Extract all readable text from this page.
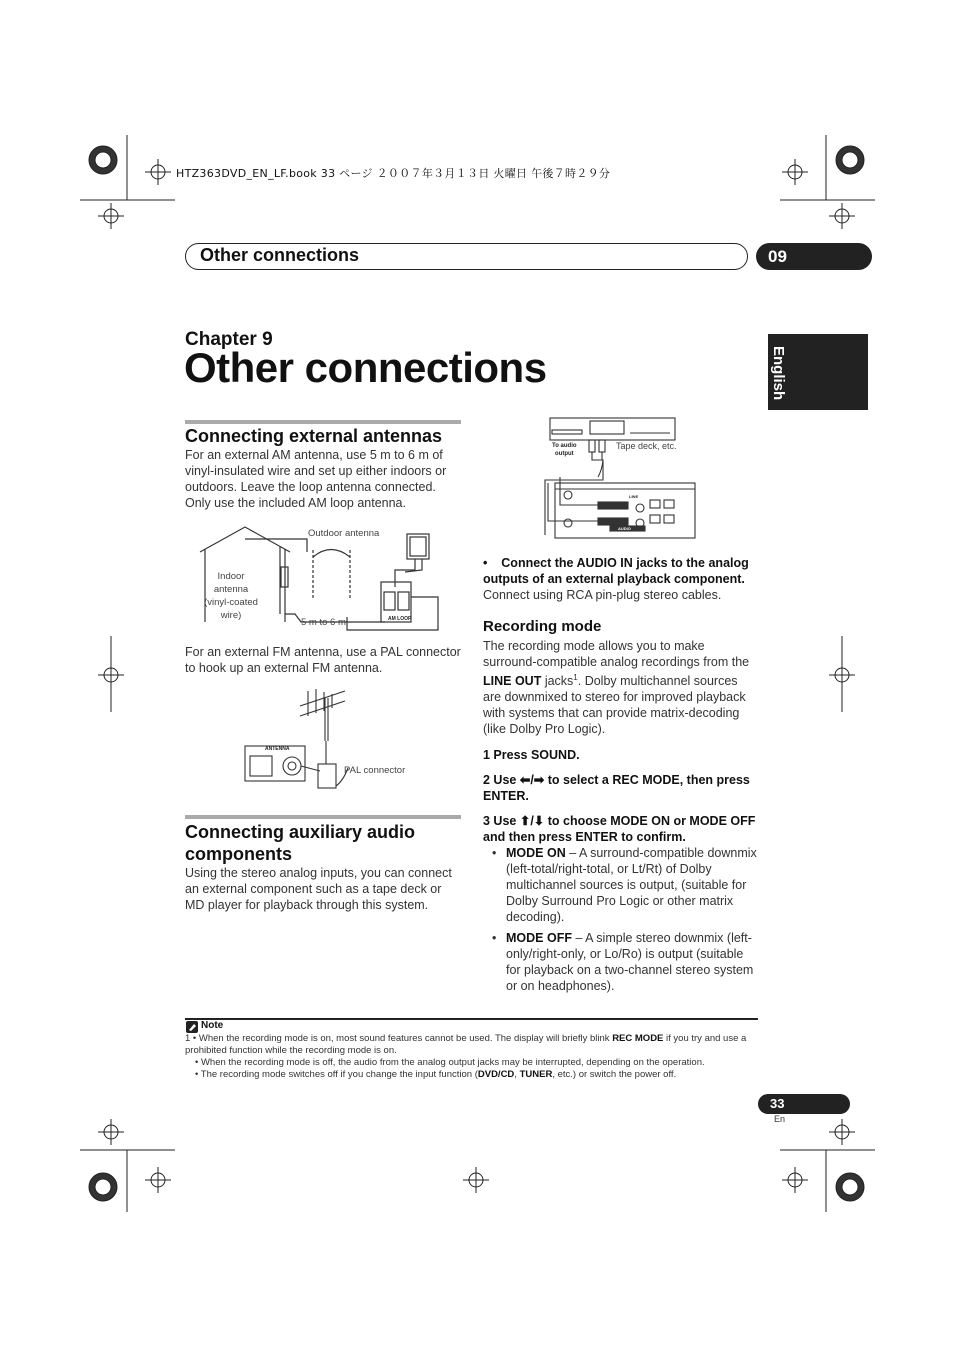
HTZ363DVD_EN_LF.book 33 ページ ２００７年３月１３日 火曜日 午後７時２９分
Other connections	09
English
Chapter 9
Other connections
Connecting external antennas
For an external AM antenna, use 5 m to 6 m of vinyl-insulated wire and set up either indoors or outdoors. Leave the loop antenna connected. Only use the included AM loop antenna.
Outdoor antenna
5 m to 6 m	AM LOOP
Indoor
antenna
(vinyl-coated
wire)
For an external FM antenna, use a PAL connector to hook up an external FM antenna.
ANTENNA
PAL connector
Connecting auxiliary audio components
Using the stereo analog inputs, you can connect an external component such as a tape deck or MD player for playback through this system.
To audio
output
Tape deck, etc.
LINE
AUDIO
•    Connect the AUDIO IN jacks to the analog outputs of an external playback component.
Connect using RCA pin-plug stereo cables.
Recording mode
The recording mode allows you to make surround-compatible analog recordings from the LINE OUT jacks$^1$. Dolby multichannel sources are downmixed to stereo for improved playback with systems that can provide matrix-decoding (like Dolby Pro Logic).
1 Press SOUND.
2 Use ⬅/➡ to select a REC MODE, then press ENTER.
3 Use ⬆/⬇ to choose MODE ON or MODE OFF and then press ENTER to confirm.
• MODE ON – A surround-compatible downmix (left-total/right-total, or Lt/Rt) of Dolby multichannel sources is output, (suitable for Dolby Surround Pro Logic or other matrix decoding).
• MODE OFF – A simple stereo downmix (left-only/right-only, or Lo/Ro) is output (suitable for playback on a two-channel stereo system or on headphones).
Note
1 • When the recording mode is on, most sound features cannot be used. The display will briefly blink REC MODE if you try and use a prohibited function while the recording mode is on.
• When the recording mode is off, the audio from the analog output jacks may be interrupted, depending on the operation.
• The recording mode switches off if you change the input function (DVD/CD, TUNER, etc.) or switch the power off.
33
En
